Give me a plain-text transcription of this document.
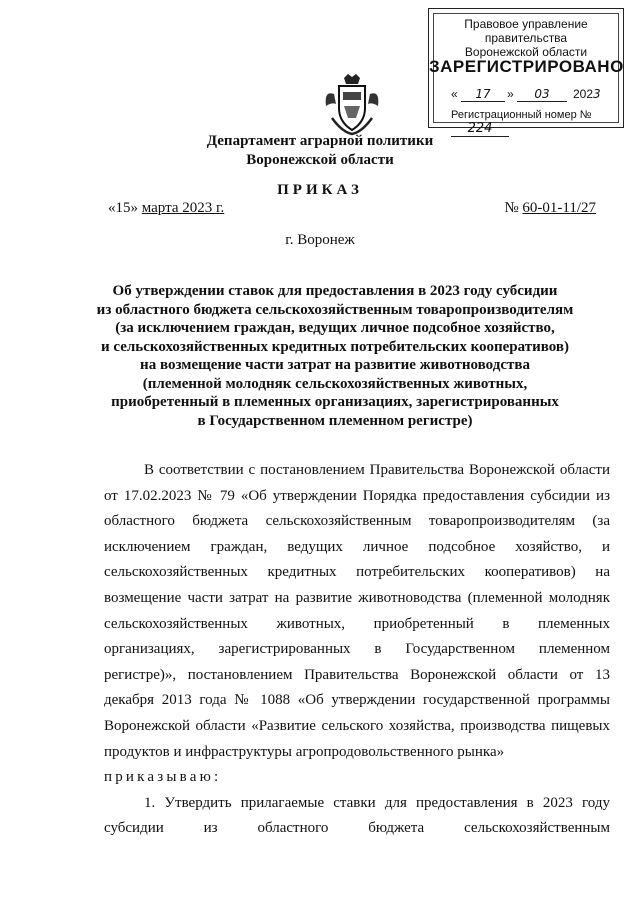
Правовое управление правительства
Воронежской области
ЗАРЕГИСТРИРОВАНО
«	17	»	03	202 3
Регистрационный номер № 224
Департамент аграрной политики
Воронежской области
ПРИКАЗ
«15» марта 2023 г.	№ 60-01-11/27
г. Воронеж
Об утверждении ставок для предоставления в 2023 году субсидии
из областного бюджета сельскохозяйственным товаропроизводителям
(за исключением граждан, ведущих личное подсобное хозяйство,
и сельскохозяйственных кредитных потребительских кооперативов)
на возмещение части затрат на развитие животноводства
(племенной молодняк сельскохозяйственных животных,
приобретенный в племенных организациях, зарегистрированных
в Государственном племенном регистре)
В соответствии с постановлением Правительства Воронежской области
от 17.02.2023 № 79 «Об утверждении Порядка предоставления субсидии из
областного бюджета сельскохозяйственным товаропроизводителям (за
исключением граждан, ведущих личное подсобное хозяйство, и
сельскохозяйственных кредитных потребительских кооперативов) на
возмещение части затрат на развитие животноводства (племенной молодняк
сельскохозяйственных животных, приобретенный в племенных
организациях, зарегистрированных в Государственном племенном
регистре)», постановлением Правительства Воронежской области от 13
декабря 2013 года № 1088 «Об утверждении государственной программы
Воронежской области «Развитие сельского хозяйства, производства пищевых
продуктов и инфраструктуры агропродовольственного рынка»
приказываю:
1. Утвердить прилагаемые ставки для предоставления в 2023 году
субсидии из областного бюджета сельскохозяйственным
